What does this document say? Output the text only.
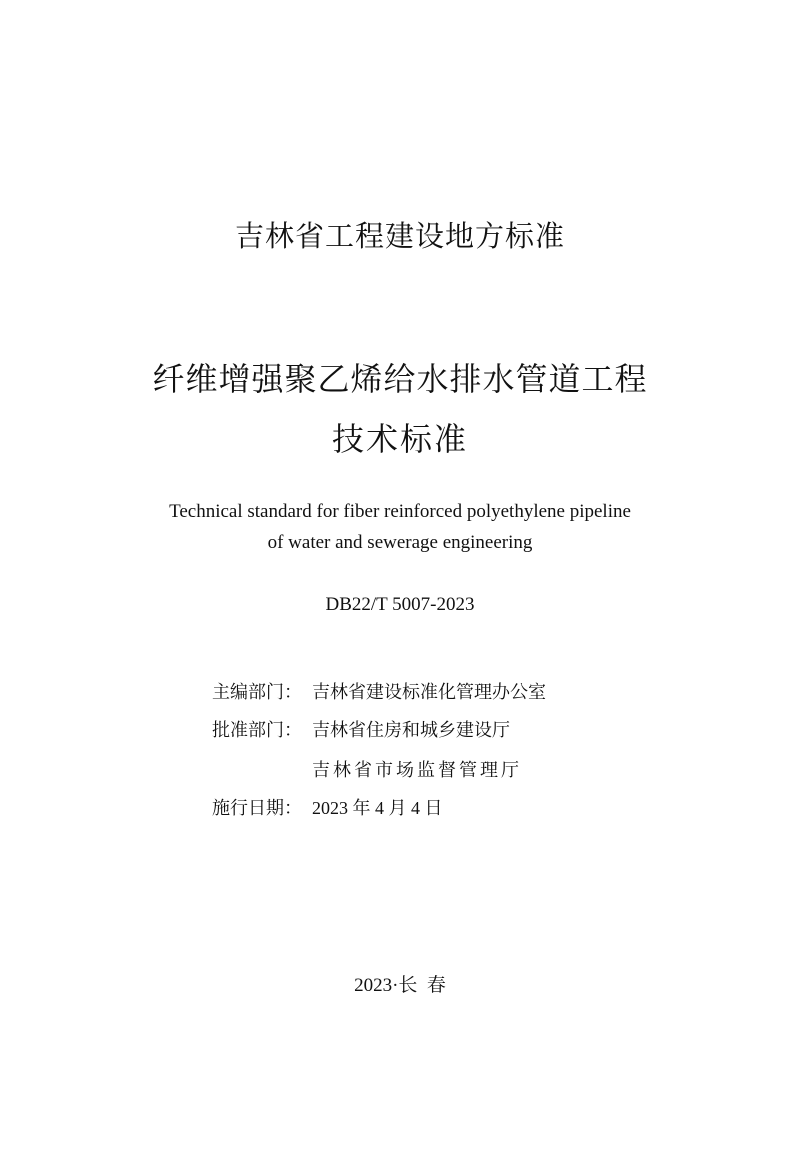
吉林省工程建设地方标准
纤维增强聚乙烯给水排水管道工程
技术标准
Technical standard for fiber reinforced polyethylene pipeline
of water and sewerage engineering
DB22/T 5007-2023
主编部门： 吉林省建设标准化管理办公室
批准部门： 吉林省住房和城乡建设厅
吉林省市场监督管理厅
施行日期： 2023 年 4 月 4 日
2023·长  春
